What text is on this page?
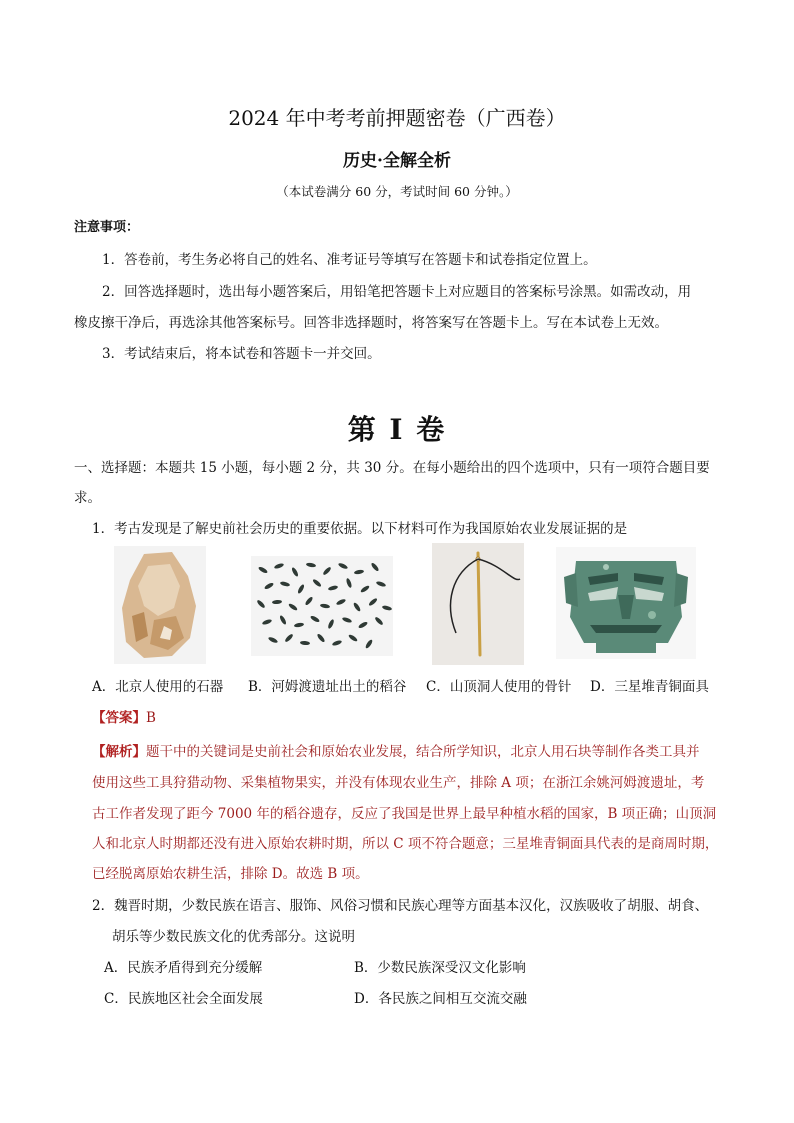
2024 年中考考前押题密卷（广西卷）
历史·全解全析
（本试卷满分 60 分，考试时间 60 分钟。）
注意事项：
1．答卷前，考生务必将自己的姓名、准考证号等填写在答题卡和试卷指定位置上。
2．回答选择题时，选出每小题答案后，用铅笔把答题卡上对应题目的答案标号涂黑。如需改动，用
橡皮擦干净后，再选涂其他答案标号。回答非选择题时，将答案写在答题卡上。写在本试卷上无效。
3．考试结束后，将本试卷和答题卡一并交回。
第 I 卷
一、选择题：本题共 15 小题，每小题 2 分，共 30 分。在每小题给出的四个选项中，只有一项符合题目要
求。
1．考古发现是了解史前社会历史的重要依据。以下材料可作为我国原始农业发展证据的是
A．北京人使用的石器 B．河姆渡遗址出土的稻谷 C．山顶洞人使用的骨针 D．三星堆青铜面具
【答案】B
【解析】题干中的关键词是史前社会和原始农业发展，结合所学知识，北京人用石块等制作各类工具并
使用这些工具狩猎动物、采集植物果实，并没有体现农业生产，排除 A 项；在浙江余姚河姆渡遗址，考
古工作者发现了距今 7000 年的稻谷遗存，反应了我国是世界上最早种植水稻的国家，B 项正确；山顶洞
人和北京人时期都还没有进入原始农耕时期，所以 C 项不符合题意；三星堆青铜面具代表的是商周时期，
已经脱离原始农耕生活，排除 D。故选 B 项。
2．魏晋时期，少数民族在语言、服饰、风俗习惯和民族心理等方面基本汉化，汉族吸收了胡服、胡食、
胡乐等少数民族文化的优秀部分。这说明
A．民族矛盾得到充分缓解	B．少数民族深受汉文化影响
C．民族地区社会全面发展	D．各民族之间相互交流交融
